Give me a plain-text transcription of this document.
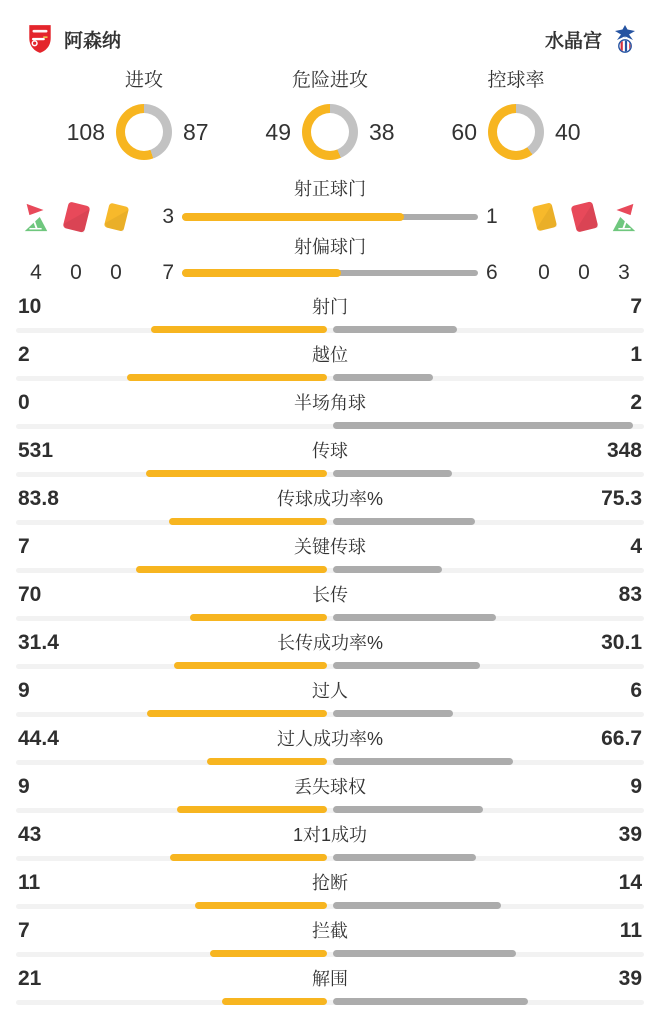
阿森纳	水晶宫
进攻
108	87
危险进攻
49	38
控球率
60	40
射正球门
3	1
射偏球门
4	0	0	7	6	0	0	3
10	射门	7
2	越位	1
0	半场角球	2
531	传球	348
83.8	传球成功率%	75.3
7	关键传球	4
70	长传	83
31.4	长传成功率%	30.1
9	过人	6
44.4	过人成功率%	66.7
9	丢失球权	9
43	1对1成功	39
11	抢断	14
7	拦截	11
21	解围	39
